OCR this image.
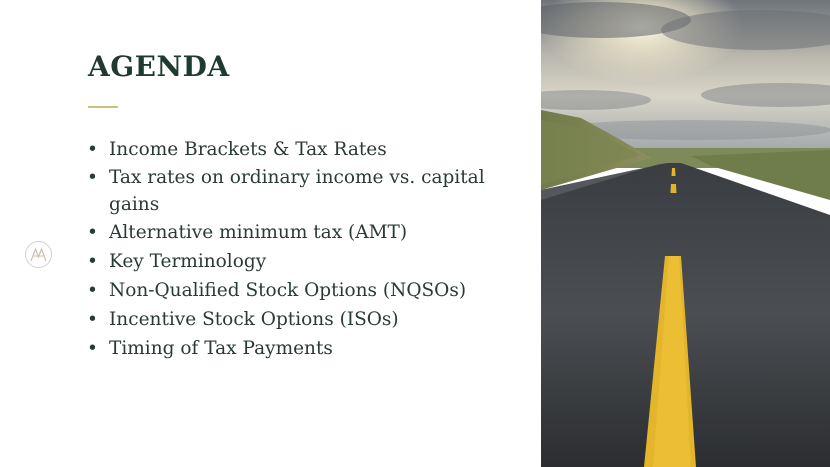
AGENDA
• Income Brackets & Tax Rates
• Tax rates on ordinary income vs. capital gains
• Alternative minimum tax (AMT)
• Key Terminology
• Non-Qualified Stock Options (NQSOs)
• Incentive Stock Options (ISOs)
• Timing of Tax Payments
